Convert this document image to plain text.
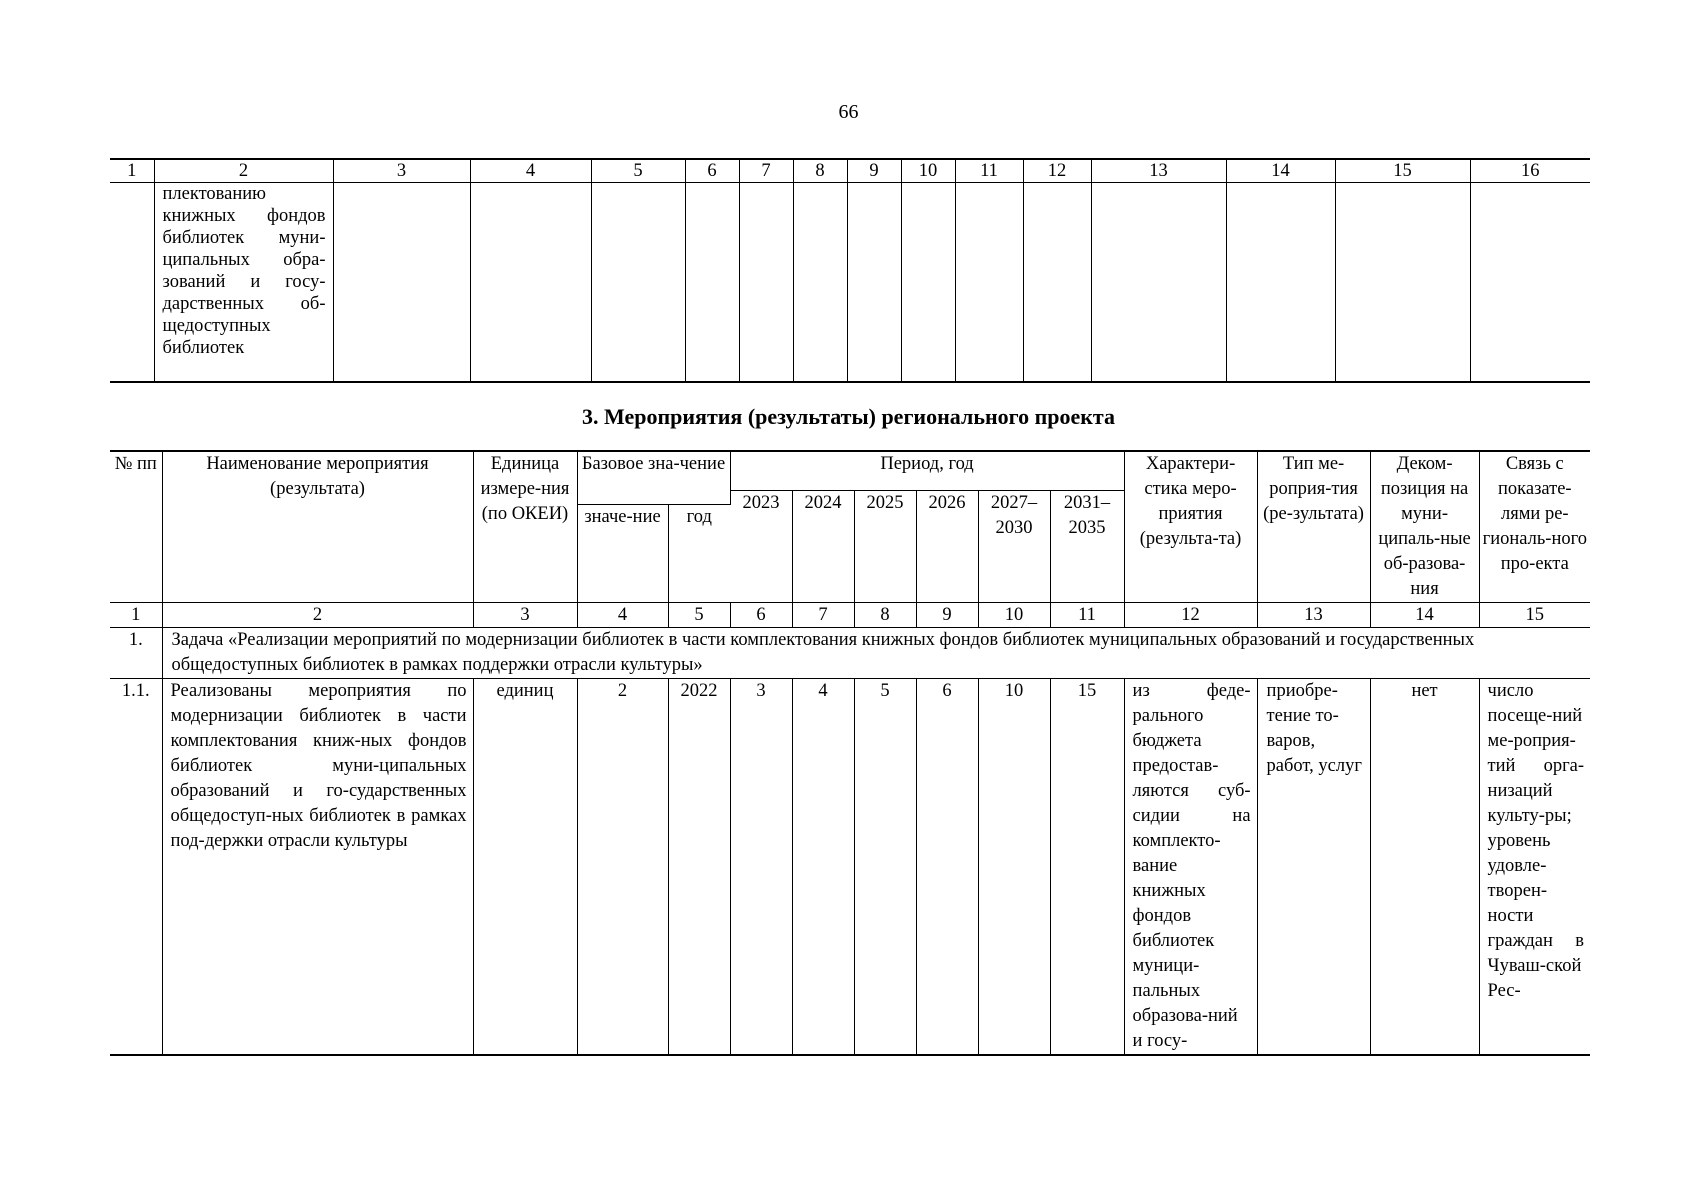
66
1	2	3	4	5	6	7	8	9	10	11	12	13	14	15	16
	плектованию книжных фондов библиотек муни-ципальных обра-зований и госу-дарственных об-щедоступных библиотек														
3. Мероприятия (результаты) регионального проекта
№ пп	Наименование мероприятия (результата)	Единица измере-ния (по ОКЕИ)	Базовое зна-чение		Период, год						Характери-стика меро-приятия (результа-та)	Тип ме-роприя-тия (ре-зультата)	Деком-позиция на муни-ципаль-ные об-разова-ния	Связь с показате-лями ре-гиональ-ного про-екта
					2023	2024	2025	2026	2027–2030	2031–2035				
			значе-ние	год										
1	2	3	4	5	6	7	8	9	10	11	12	13	14	15
1.	Задача «Реализации мероприятий по модернизации библиотек в части комплектования книжных фондов библиотек муниципальных образований и государственных общедоступных библиотек в рамках поддержки отрасли культуры»													
1.1.	Реализованы мероприятия по модернизации библиотек в части комплектования книж-ных фондов библиотек муни-ципальных образований и го-сударственных общедоступ-ных библиотек в рамках под-держки отрасли культуры	единиц	2	2022	3	4	5	6	10	15	из феде-рального бюджета предостав-ляются суб-сидии на комплекто-вание книжных фондов библиотек муници-пальных образова-ний и госу-	приобре-тение то-варов, работ, услуг	нет	число посеще-ний ме-роприя-тий орга-низаций культу-ры; уровень удовле-творен-ности граждан в Чуваш-ской Рес-
